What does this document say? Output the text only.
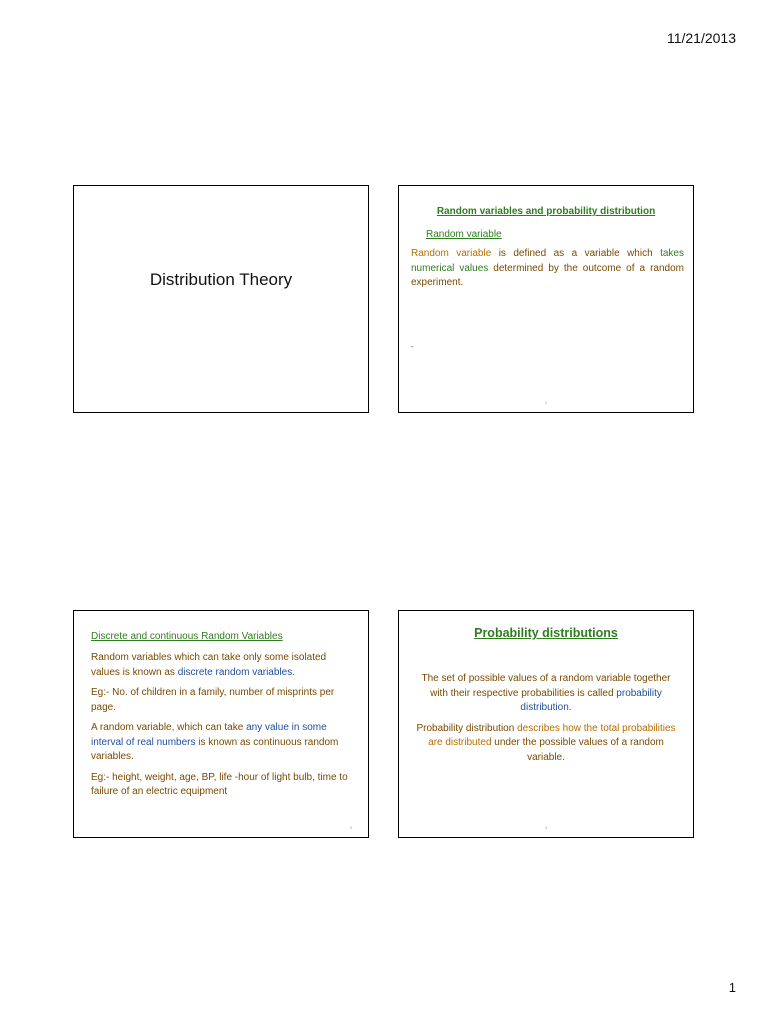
11/21/2013
Distribution Theory
Random variables and probability distribution
Random variable
Random variable is defined as a variable which takes numerical values determined by the outcome of a random experiment.
-
2
Discrete and continuous Random Variables

Random variables which can take only some isolated values is known as discrete random variables.

Eg:- No. of children in a family, number of misprints per page.

A random variable, which can take any value in some interval of real numbers is known as continuous random variables.

Eg:- height, weight, age, BP, life -hour of light bulb, time to failure of an electric equipment

3
Probability distributions

The set of possible values of a random variable together with their respective probabilities is called probability distribution.

Probability distribution describes how the total probabilities are distributed under the possible values of a random variable.

4
1
